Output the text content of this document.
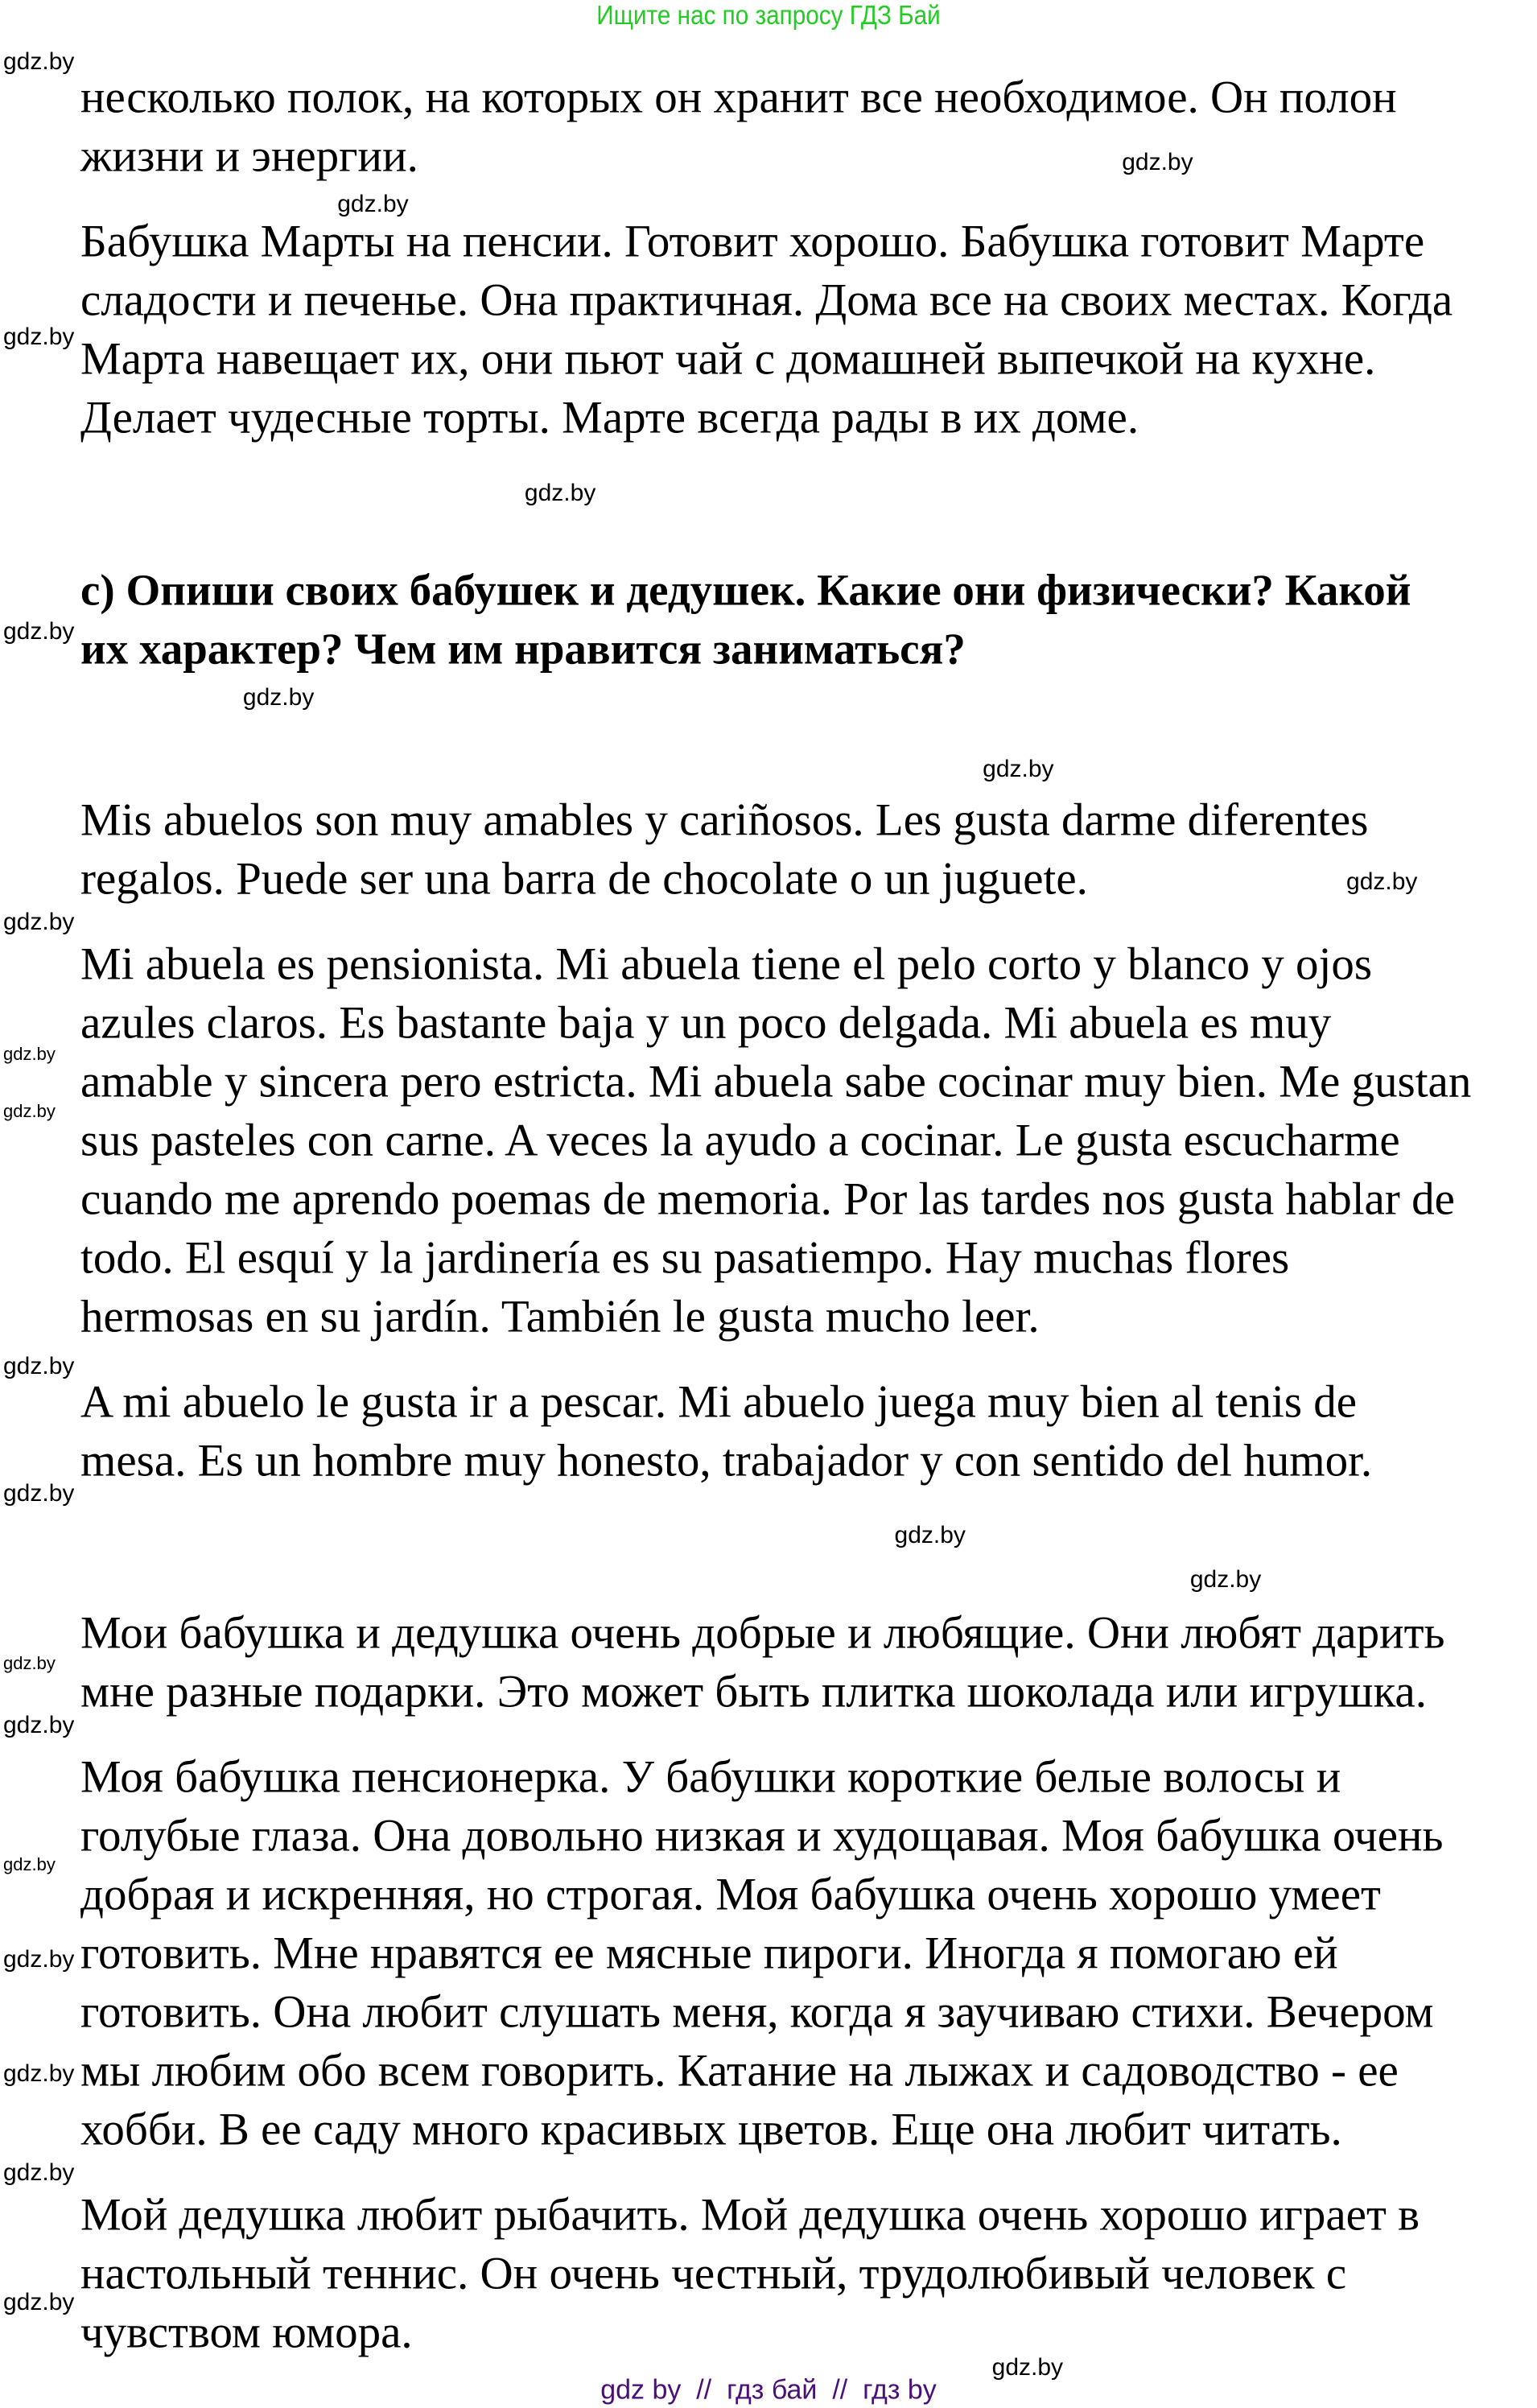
Ищите нас по запросу ГДЗ Бай
несколько полок, на которых он хранит все необходимое. Он полон
жизни и энергии.
Бабушка Марты на пенсии. Готовит хорошо. Бабушка готовит Марте
сладости и печенье. Она практичная. Дома все на своих местах. Когда
Марта навещает их, они пьют чай с домашней выпечкой на кухне.
Делает чудесные торты. Марте всегда рады в их доме.
c) Опиши своих бабушек и дедушек. Какие они физически? Какой
их характер? Чем им нравится заниматься?
Mis abuelos son muy amables y cariñosos. Les gusta darme diferentes
regalos. Puede ser una barra de chocolate o un juguete.
Mi abuela es pensionista. Mi abuela tiene el pelo corto y blanco y ojos
azules claros. Es bastante baja y un poco delgada. Mi abuela es muy
amable y sincera pero estricta. Mi abuela sabe cocinar muy bien. Me gustan
sus pasteles con carne. A veces la ayudo a cocinar. Le gusta escucharme
cuando me aprendo poemas de memoria. Por las tardes nos gusta hablar de
todo. El esquí y la jardinería es su pasatiempo. Hay muchas flores
hermosas en su jardín. También le gusta mucho leer.
A mi abuelo le gusta ir a pescar. Mi abuelo juega muy bien al tenis de
mesa. Es un hombre muy honesto, trabajador y con sentido del humor.
Мои бабушка и дедушка очень добрые и любящие. Они любят дарить
мне разные подарки. Это может быть плитка шоколада или игрушка.
Моя бабушка пенсионерка. У бабушки короткие белые волосы и
голубые глаза. Она довольно низкая и худощавая. Моя бабушка очень
добрая и искренняя, но строгая. Моя бабушка очень хорошо умеет
готовить. Мне нравятся ее мясные пироги. Иногда я помогаю ей
готовить. Она любит слушать меня, когда я заучиваю стихи. Вечером
мы любим обо всем говорить. Катание на лыжах и садоводство - ее
хобби. В ее саду много красивых цветов. Еще она любит читать.
Мой дедушка любит рыбачить. Мой дедушка очень хорошо играет в
настольный теннис. Он очень честный, трудолюбивый человек с
чувством юмора.
gdz.by
gdz.by
gdz.by
gdz.by
gdz.by
gdz.by
gdz.by
gdz.by
gdz.by
gdz.by
gdz.by
gdz.by
gdz.by
gdz.by
gdz.by
gdz.by
gdz.by
gdz.by
gdz.by
gdz.by
gdz.by
gdz.by
gdz.by
gdz.by
gdz by  //  гдз бай  //  гдз by
